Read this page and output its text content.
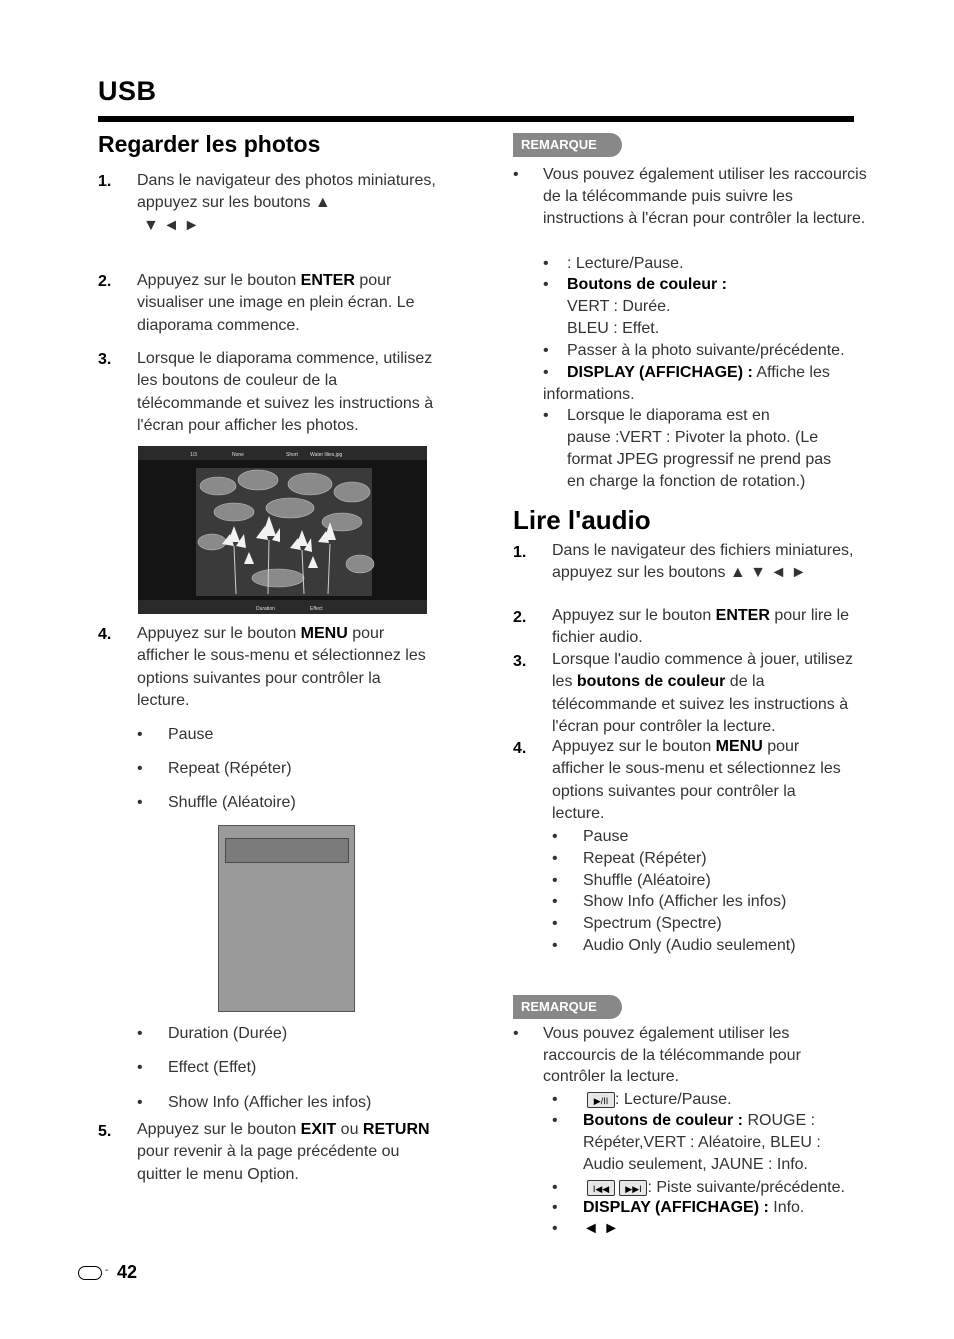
USB
Regarder les photos
1. Dans le navigateur des photos miniatures, appuyez sur les boutons ▲
▼ ◄ ►
2. Appuyez sur le bouton ENTER pour visualiser une image en plein écran. Le diaporama commence.
3. Lorsque le diaporama commence, utilisez les boutons de couleur de la télécommande et suivez les instructions à l'écran pour afficher les photos.
1/3	None	Short Water lilies.jpg
Duration	Effect
4. Appuyez sur le bouton MENU pour afficher le sous-menu et sélectionnez les options suivantes pour contrôler la lecture.
• Pause
• Repeat (Répéter)
• Shuffle (Aléatoire)
• Duration (Durée)
• Effect (Effet)
• Show Info (Afficher les infos)
5. Appuyez sur le bouton EXIT ou RETURN pour revenir à la page précédente ou quitter le menu Option.
REMARQUE
• Vous pouvez également utiliser les raccourcis de la télécommande puis suivre les instructions à l'écran pour contrôler la lecture.
• : Lecture/Pause.
• Boutons de couleur :
VERT : Durée.
BLEU : Effet.
• Passer à la photo suivante/précédente.
• DISPLAY (AFFICHAGE) : Affiche les
informations.
• Lorsque le diaporama est en
pause :VERT : Pivoter la photo. (Le
format JPEG progressif ne prend pas
en charge la fonction de rotation.)
Lire l'audio
1. Dans le navigateur des fichiers miniatures, appuyez sur les boutons ▲ ▼ ◄ ►
2. Appuyez sur le bouton ENTER pour lire le fichier audio.
3. Lorsque l'audio commence à jouer, utilisez les boutons de couleur de la télécommande et suivez les instructions à l'écran pour contrôler la lecture.
4. Appuyez sur le bouton MENU pour afficher le sous-menu et sélectionnez les options suivantes pour contrôler la lecture.
• Pause
• Repeat (Répéter)
• Shuffle (Aléatoire)
• Show Info (Afficher les infos)
• Spectrum (Spectre)
• Audio Only (Audio seulement)
REMARQUE
• Vous pouvez également utiliser les raccourcis de la télécommande pour contrôler la lecture.
•	▶/II : Lecture/Pause.
• Boutons de couleur : ROUGE : Répéter,VERT : Aléatoire, BLEU : Audio seulement, JAUNE : Info.
•	I◀◀ ▶▶I : Piste suivante/précédente.
• DISPLAY (AFFICHAGE) : Info.
• ◄ ►
- 42
